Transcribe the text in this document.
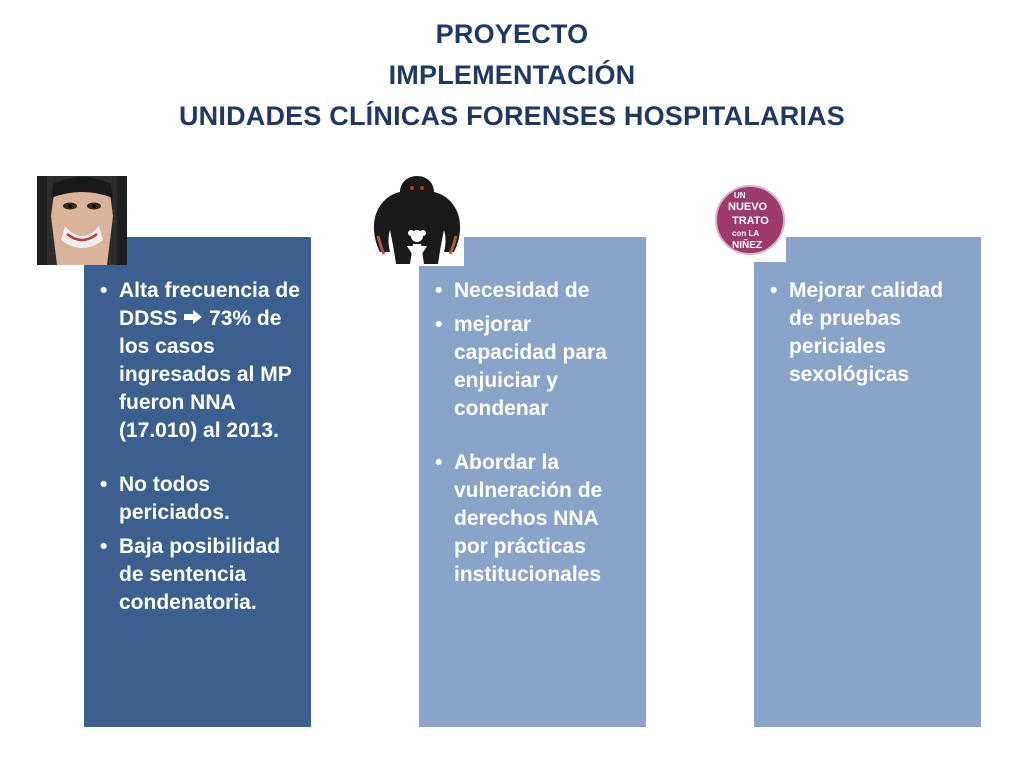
PROYECTO
IMPLEMENTACIÓN
UNIDADES CLÍNICAS FORENSES HOSPITALARIAS
• Alta frecuencia de DDSS  73% de los casos ingresados al MP fueron NNA (17.010) al 2013.
• No todos periciados.
• Baja posibilidad de sentencia condenatoria.
• Necesidad de
• mejorar capacidad para enjuiciar y condenar
• Abordar la vulneración de derechos NNA por prácticas institucionales
• Mejorar calidad de pruebas periciales sexológicas
UN
NUEVO
TRATO
con LA
NIÑEZ
